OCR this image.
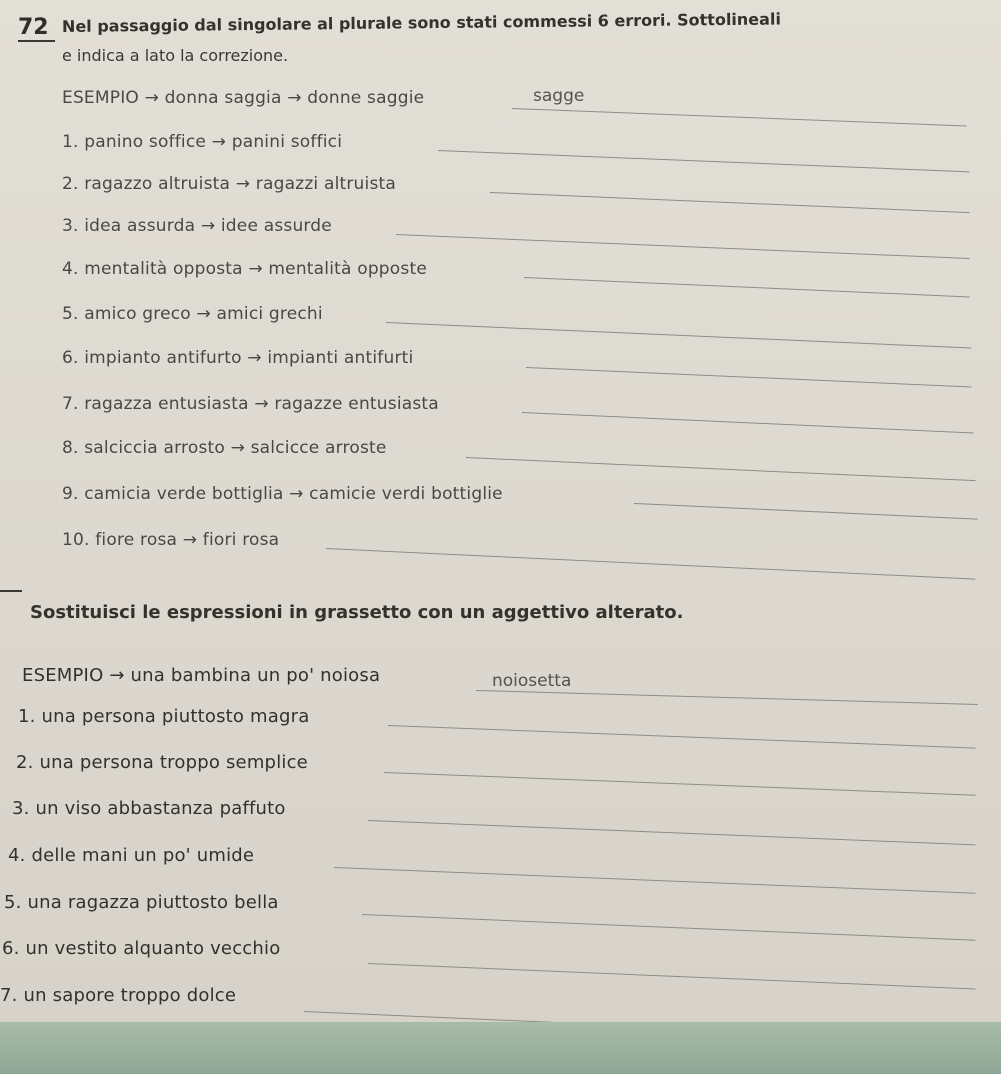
72 Nel passaggio dal singolare al plurale sono stati commessi 6 errori. Sottolineali
e indica a lato la correzione.
ESEMPIO → donna saggia → donne saggie	sagge
1. panino soffice → panini soffici
2. ragazzo altruista → ragazzi altruista
3. idea assurda → idee assurde
4. mentalità opposta → mentalità opposte
5. amico greco → amici grechi
6. impianto antifurto → impianti antifurti
7. ragazza entusiasta → ragazze entusiasta
8. salciccia arrosto → salcicce arroste
9. camicia verde bottiglia → camicie verdi bottiglie
10. fiore rosa → fiori rosa
Sostituisci le espressioni in grassetto con un aggettivo alterato.
ESEMPIO → una bambina un po' noiosa	noiosetta
1. una persona piuttosto magra
2. una persona troppo semplice
3. un viso abbastanza paffuto
4. delle mani un po' umide
5. una ragazza piuttosto bella
6. un vestito alquanto vecchio
7. un sapore troppo dolce
